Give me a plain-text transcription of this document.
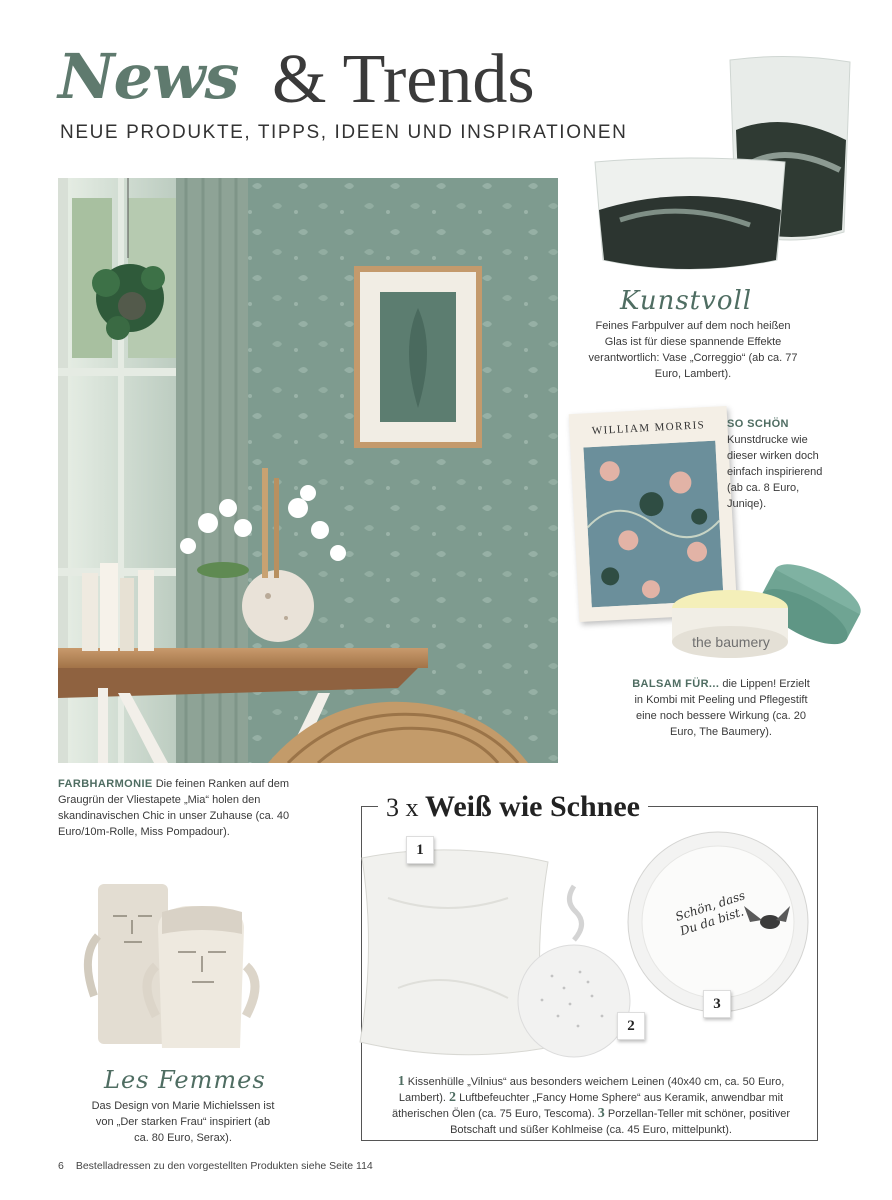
News & Trends
NEUE PRODUKTE, TIPPS, IDEEN UND INSPIRATIONEN
Kunstvoll
Feines Farbpulver auf dem noch heißen Glas ist für diese spannende Effekte verantwortlich: Vase „Correggio“ (ab ca. 77 Euro, Lambert).
WILLIAM MORRIS	SO SCHÖN
Kunstdrucke wie dieser wirken doch einfach inspirierend (ab ca. 8 Euro, Juniqe).
the baumery
BALSAM FÜR... die Lippen! Erzielt in Kombi mit Peeling und Pflegestift eine noch bessere Wirkung (ca. 20 Euro, The Baumery).
FARBHARMONIE Die feinen Ranken auf dem Graugrün der Vliestapete „Mia“ holen den skandinavischen Chic in unser Zuhause (ca. 40 Euro/10m-Rolle, Miss Pompadour).
Les Femmes
Das Design von Marie Michielssen ist von „Der starken Frau“ inspiriert (ab ca. 80 Euro, Serax).
3 x Weiß wie Schnee
1
2
Schön, dass Du da bist.
3
1 Kissenhülle „Vilnius“ aus besonders weichem Leinen (40x40 cm, ca. 50 Euro, Lambert). 2 Luftbefeuchter „Fancy Home Sphere“ aus Keramik, anwendbar mit ätherischen Ölen (ca. 75 Euro, Tescoma). 3 Porzellan-Teller mit schöner, positiver Botschaft und süßer Kohlmeise (ca. 45 Euro, mittelpunkt).
6 Bestelladressen zu den vorgestellten Produkten siehe Seite 114
